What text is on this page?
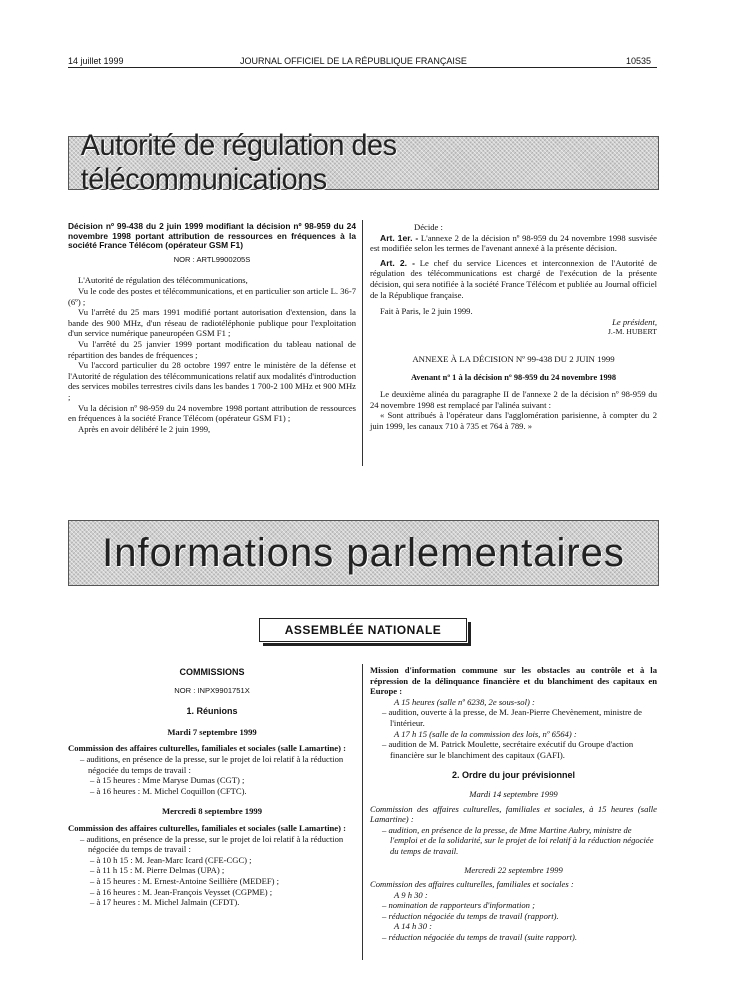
14 juillet 1999	JOURNAL OFFICIEL DE LA RÉPUBLIQUE FRANÇAISE	10535
Autorité de régulation des télécommunications
Décision nº 99-438 du 2 juin 1999 modifiant la décision nº 98-959 du 24 novembre 1998 portant attribution de ressources en fréquences à la société France Télécom (opérateur GSM F1)
NOR : ARTL9900205S

L'Autorité de régulation des télécommunications,

Vu le code des postes et télécommunications, et en particulier son article L. 36-7 (6º) ;

Vu l'arrêté du 25 mars 1991 modifié portant autorisation d'extension, dans la bande des 900 MHz, d'un réseau de radiotéléphonie publique pour l'exploitation d'un service numérique paneuropéen GSM F1 ;

Vu l'arrêté du 25 janvier 1999 portant modification du tableau national de répartition des bandes de fréquences ;

Vu l'accord particulier du 28 octobre 1997 entre le ministère de la défense et l'Autorité de régulation des télécommunications relatif aux modalités d'introduction des services mobiles terrestres civils dans les bandes 1 700-2 100 MHz et 900 MHz ;

Vu la décision nº 98-959 du 24 novembre 1998 portant attribution de ressources en fréquences à la société France Télécom (opérateur GSM F1) ;

Après en avoir délibéré le 2 juin 1999,

Décide :

Art. 1er. - L'annexe 2 de la décision nº 98-959 du 24 novembre 1998 susvisée est modifiée selon les termes de l'avenant annexé à la présente décision.

Art. 2. - Le chef du service Licences et interconnexion de l'Autorité de régulation des télécommunications est chargé de l'exécution de la présente décision, qui sera notifiée à la société France Télécom et publiée au Journal officiel de la République française.

Fait à Paris, le 2 juin 1999.

Le président,
J.-M. HUBERT
ANNEXE À LA DÉCISION Nº 99-438 DU 2 JUIN 1999
Avenant nº 1 à la décision nº 98-959 du 24 novembre 1998

Le deuxième alinéa du paragraphe II de l'annexe 2 de la décision nº 98-959 du 24 novembre 1998 est remplacé par l'alinéa suivant :

« Sont attribués à l'opérateur dans l'agglomération parisienne, à compter du 2 juin 1999, les canaux 710 à 735 et 764 à 789. »

Informations parlementaires
ASSEMBLÉE NATIONALE
COMMISSIONS
NOR : INPX9901751X
1. Réunions
Mardi 7 septembre 1999
Commission des affaires culturelles, familiales et sociales (salle Lamartine) :

– auditions, en présence de la presse, sur le projet de loi relatif à la réduction négociée du temps de travail :

– à 15 heures : Mme Maryse Dumas (CGT) ;

– à 16 heures : M. Michel Coquillon (CFTC).

Mercredi 8 septembre 1999
Commission des affaires culturelles, familiales et sociales (salle Lamartine) :

– auditions, en présence de la presse, sur le projet de loi relatif à la réduction négociée du temps de travail :

– à 10 h 15 : M. Jean-Marc Icard (CFE-CGC) ;

– à 11 h 15 : M. Pierre Delmas (UPA) ;

– à 15 heures : M. Ernest-Antoine Seillière (MEDEF) ;

– à 16 heures : M. Jean-François Veysset (CGPME) ;

– à 17 heures : M. Michel Jalmain (CFDT).

Mission d'information commune sur les obstacles au contrôle et à la répression de la délinquance financière et du blanchiment des capitaux en Europe :

A 15 heures (salle nº 6238, 2e sous-sol) :

– audition, ouverte à la presse, de M. Jean-Pierre Chevènement, ministre de l'intérieur.

A 17 h 15 (salle de la commission des lois, nº 6564) :

– audition de M. Patrick Moulette, secrétaire exécutif du Groupe d'action financière sur le blanchiment des capitaux (GAFI).

2. Ordre du jour prévisionnel
Mardi 14 septembre 1999
Commission des affaires culturelles, familiales et sociales, à 15 heures (salle Lamartine) :

– audition, en présence de la presse, de Mme Martine Aubry, ministre de l'emploi et de la solidarité, sur le projet de loi relatif à la réduction négociée du temps de travail.

Mercredi 22 septembre 1999
Commission des affaires culturelles, familiales et sociales :

A 9 h 30 :

– nomination de rapporteurs d'information ;

– réduction négociée du temps de travail (rapport).

A 14 h 30 :

– réduction négociée du temps de travail (suite rapport).
